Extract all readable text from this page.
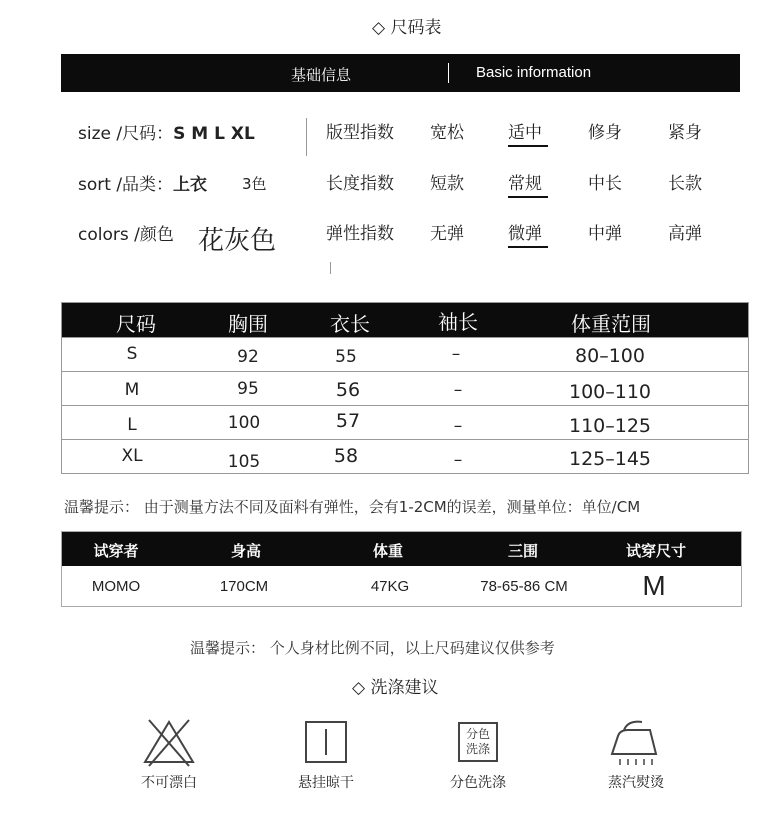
◇ 尺码表
基础信息	Basic information
size /尺码：S M L XL
sort /品类：上衣 3色
colors /颜色 花灰色
版型指数 宽松	适中	修身	紧身
长度指数 短款	常规	中长	长款
弹性指数 无弹	微弹	中弹	高弹
尺码	胸围	衣长	袖长	体重范围
S	92	55	–	80–100
M	95	56	–	100–110
L	100	57	–	110–125
XL	105	58	–	125–145
温馨提示： 由于测量方法不同及面料有弹性，会有1-2CM的误差，测量单位：单位/CM
试穿者	身高	体重	三围	试穿尺寸
MOMO	170CM	47KG	78-65-86 CM	M
温馨提示： 个人身材比例不同，以上尺码建议仅供参考
◇ 洗涤建议
不可漂白	悬挂晾干
分色
洗涤
分色洗涤	蒸汽熨烫
